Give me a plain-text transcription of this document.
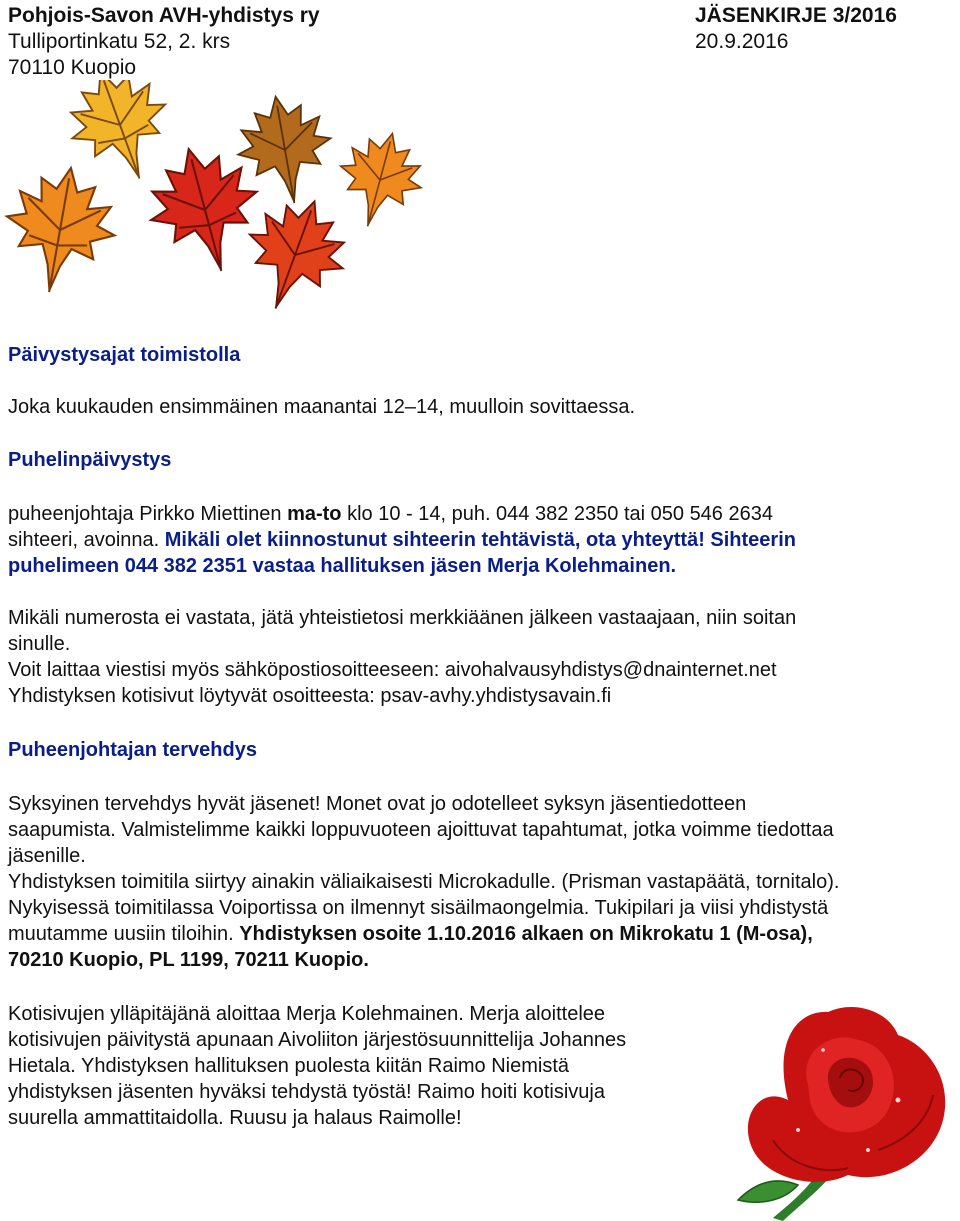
Pohjois-Savon AVH-yhdistys ry
Tulliportinkatu 52, 2. krs
70110 Kuopio
JÄSENKIRJE 3/2016
20.9.2016
Päivystysajat toimistolla
Joka kuukauden ensimmäinen maanantai 12–14, muulloin sovittaessa.
Puhelinpäivystys
puheenjohtaja Pirkko Miettinen ma-to klo 10 - 14, puh. 044 382 2350 tai 050 546 2634
sihteeri, avoinna. Mikäli olet kiinnostunut sihteerin tehtävistä, ota yhteyttä! Sihteerin
puhelimeen 044 382 2351 vastaa hallituksen jäsen Merja Kolehmainen.
Mikäli numerosta ei vastata, jätä yhteistietosi merkkiäänen jälkeen vastaajaan, niin soitan
sinulle.
Voit laittaa viestisi myös sähköpostiosoitteeseen: aivohalvausyhdistys@dnainternet.net
Yhdistyksen kotisivut löytyvät osoitteesta: psav-avhy.yhdistysavain.fi
Puheenjohtajan tervehdys
Syksyinen tervehdys hyvät jäsenet! Monet ovat jo odotelleet syksyn jäsentiedotteen
saapumista. Valmistelimme kaikki loppuvuoteen ajoittuvat tapahtumat, jotka voimme tiedottaa
jäsenille.
Yhdistyksen toimitila siirtyy ainakin väliaikaisesti Microkadulle. (Prisman vastapäätä, tornitalo).
Nykyisessä toimitilassa Voiportissa on ilmennyt sisäilmaongelmia. Tukipilari ja viisi yhdistystä
muutamme uusiin tiloihin. Yhdistyksen osoite 1.10.2016 alkaen on Mikrokatu 1 (M-osa),
70210 Kuopio, PL 1199, 70211 Kuopio.
Kotisivujen ylläpitäjänä aloittaa Merja Kolehmainen. Merja aloittelee
kotisivujen päivitystä apunaan Aivoliiton järjestösuunnittelija Johannes
Hietala. Yhdistyksen hallituksen puolesta kiitän Raimo Niemistä
yhdistyksen jäsenten hyväksi tehdystä työstä! Raimo hoiti kotisivuja
suurella ammattitaidolla. Ruusu ja halaus Raimolle!
